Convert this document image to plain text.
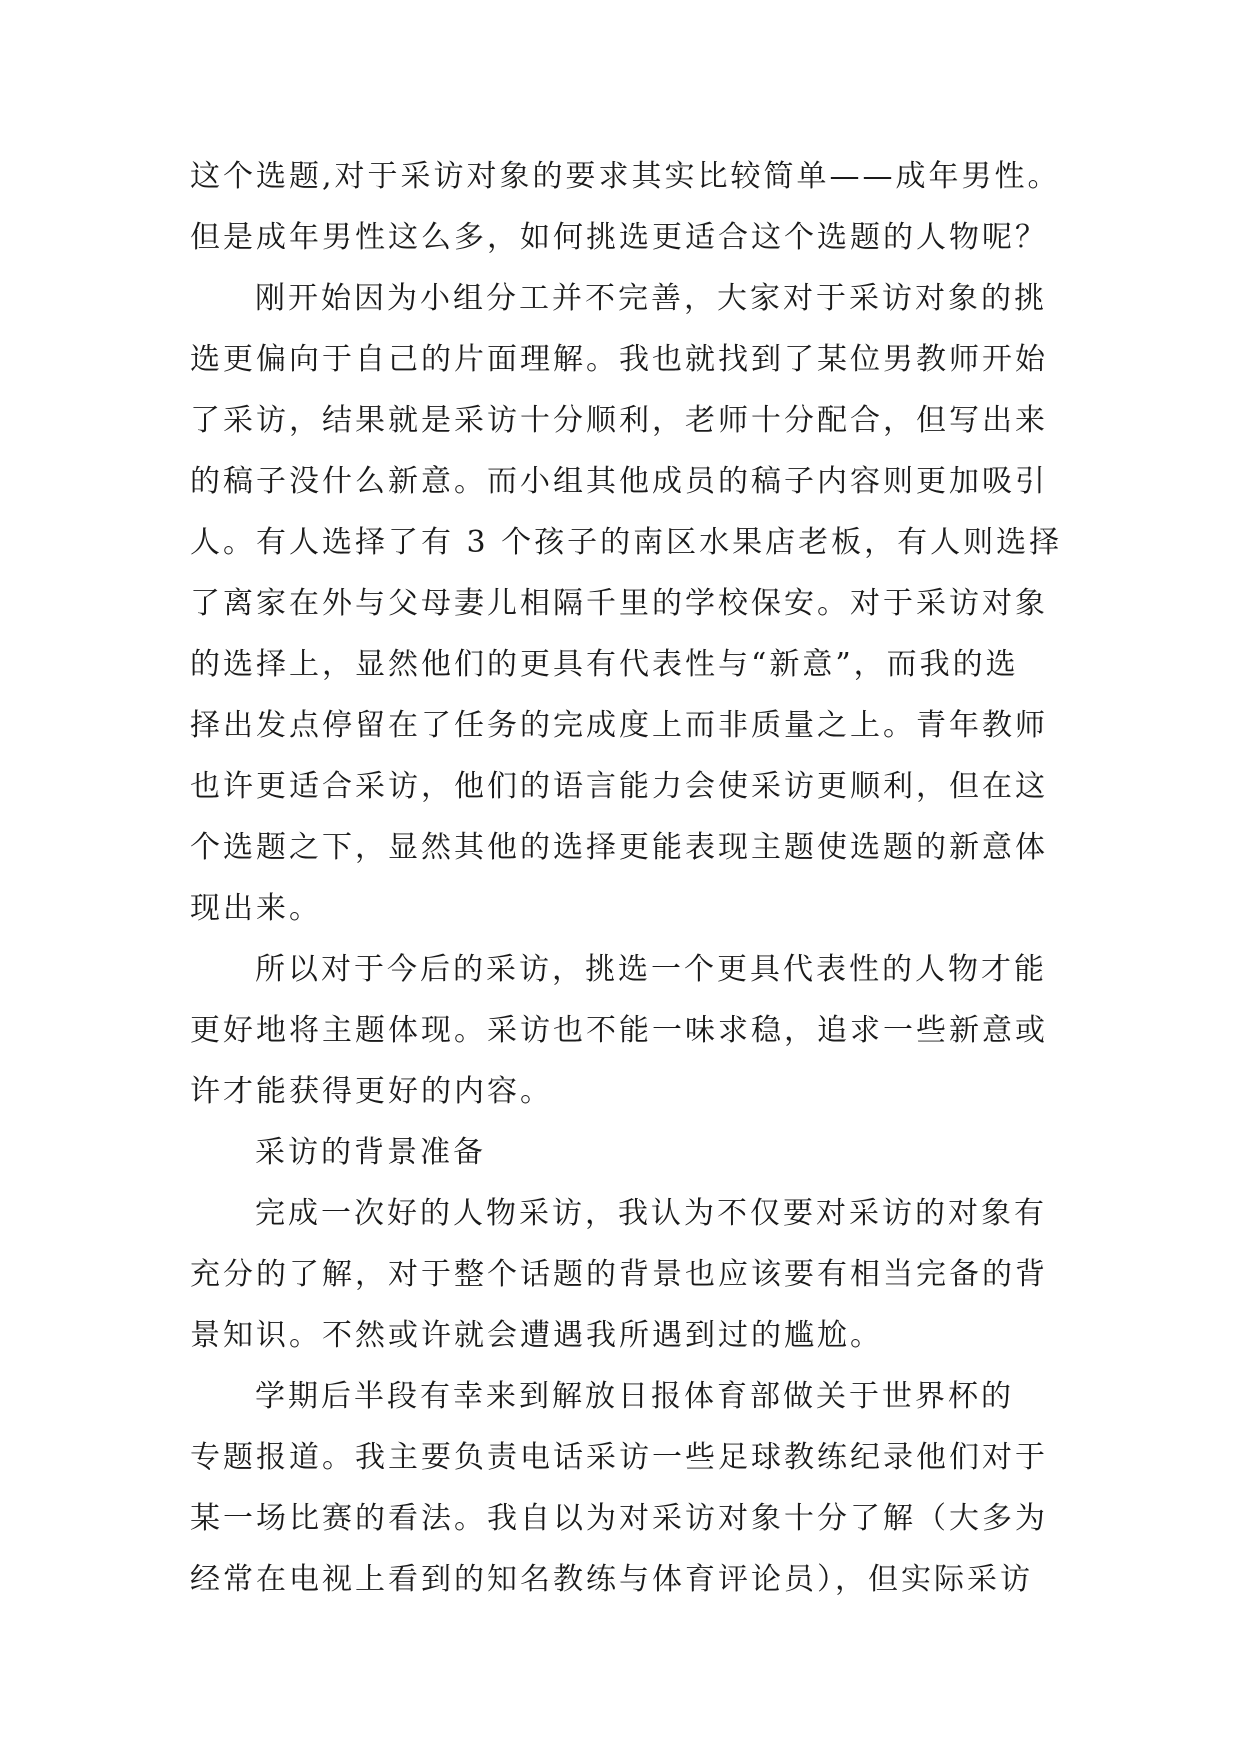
这个选题,对于采访对象的要求其实比较简单——成年男性。
但是成年男性这么多，如何挑选更适合这个选题的人物呢？
刚开始因为小组分工并不完善，大家对于采访对象的挑
选更偏向于自己的片面理解。我也就找到了某位男教师开始
了采访，结果就是采访十分顺利，老师十分配合，但写出来
的稿子没什么新意。而小组其他成员的稿子内容则更加吸引
人。有人选择了有 3 个孩子的南区水果店老板，有人则选择
了离家在外与父母妻儿相隔千里的学校保安。对于采访对象
的选择上，显然他们的更具有代表性与“新意”，而我的选
择出发点停留在了任务的完成度上而非质量之上。青年教师
也许更适合采访，他们的语言能力会使采访更顺利，但在这
个选题之下，显然其他的选择更能表现主题使选题的新意体
现出来。
所以对于今后的采访，挑选一个更具代表性的人物才能
更好地将主题体现。采访也不能一味求稳，追求一些新意或
许才能获得更好的内容。
采访的背景准备
完成一次好的人物采访，我认为不仅要对采访的对象有
充分的了解，对于整个话题的背景也应该要有相当完备的背
景知识。不然或许就会遭遇我所遇到过的尴尬。
学期后半段有幸来到解放日报体育部做关于世界杯的
专题报道。我主要负责电话采访一些足球教练纪录他们对于
某一场比赛的看法。我自以为对采访对象十分了解（大多为
经常在电视上看到的知名教练与体育评论员），但实际采访
